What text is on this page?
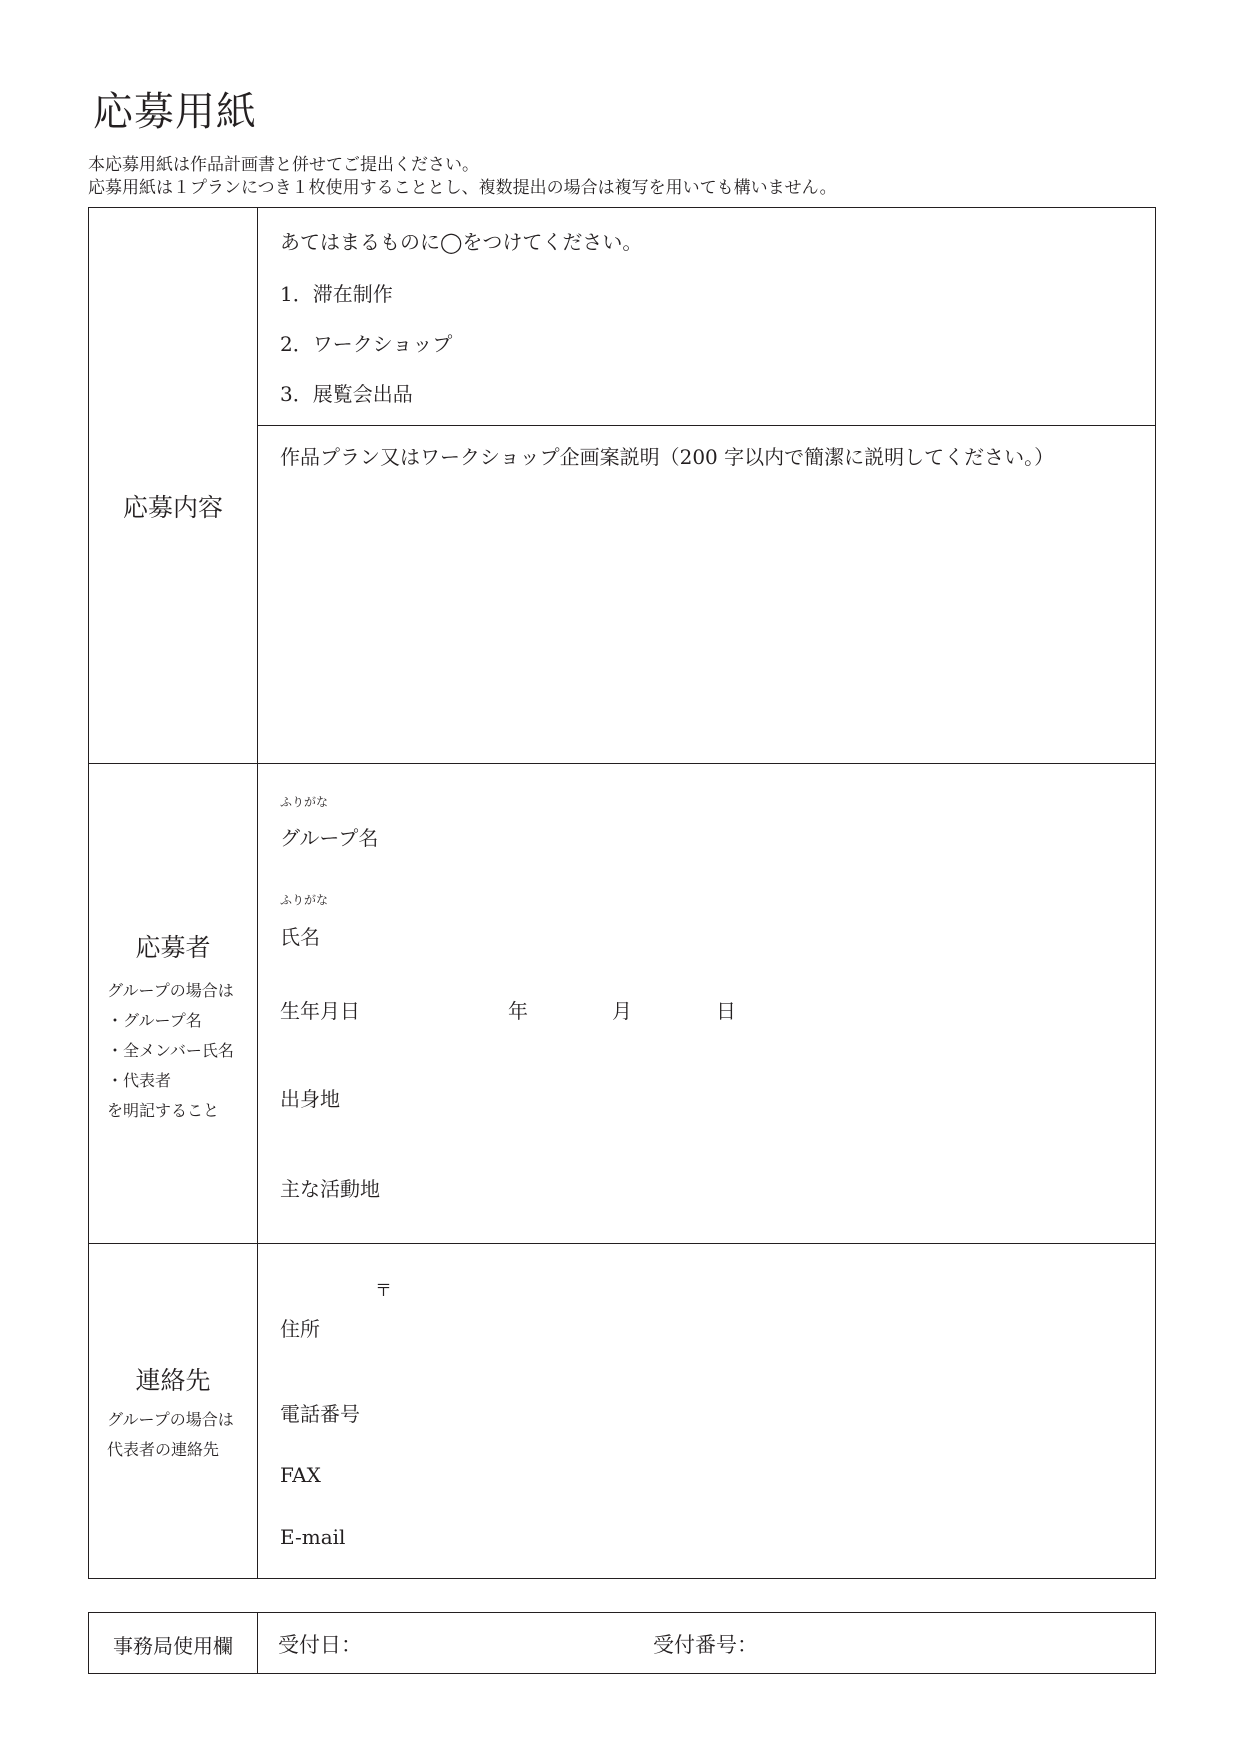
応募用紙
本応募用紙は作品計画書と併せてご提出ください。
応募用紙は１プランにつき１枚使用することとし、複数提出の場合は複写を用いても構いません。
応募内容
あてはまるものに◯をつけてください。
1．滞在制作
2．ワークショップ
3．展覧会出品
作品プラン又はワークショップ企画案説明（200 字以内で簡潔に説明してください。）
応募者
グループの場合は
・グループ名
・全メンバー氏名
・代表者
を明記すること
ふりがな
グループ名
ふりがな
氏名
生年月日	年	月	日
出身地
主な活動地
連絡先
グループの場合は
代表者の連絡先
〒
住所
電話番号
FAX
E-mail
事務局使用欄	受付日：	受付番号：
